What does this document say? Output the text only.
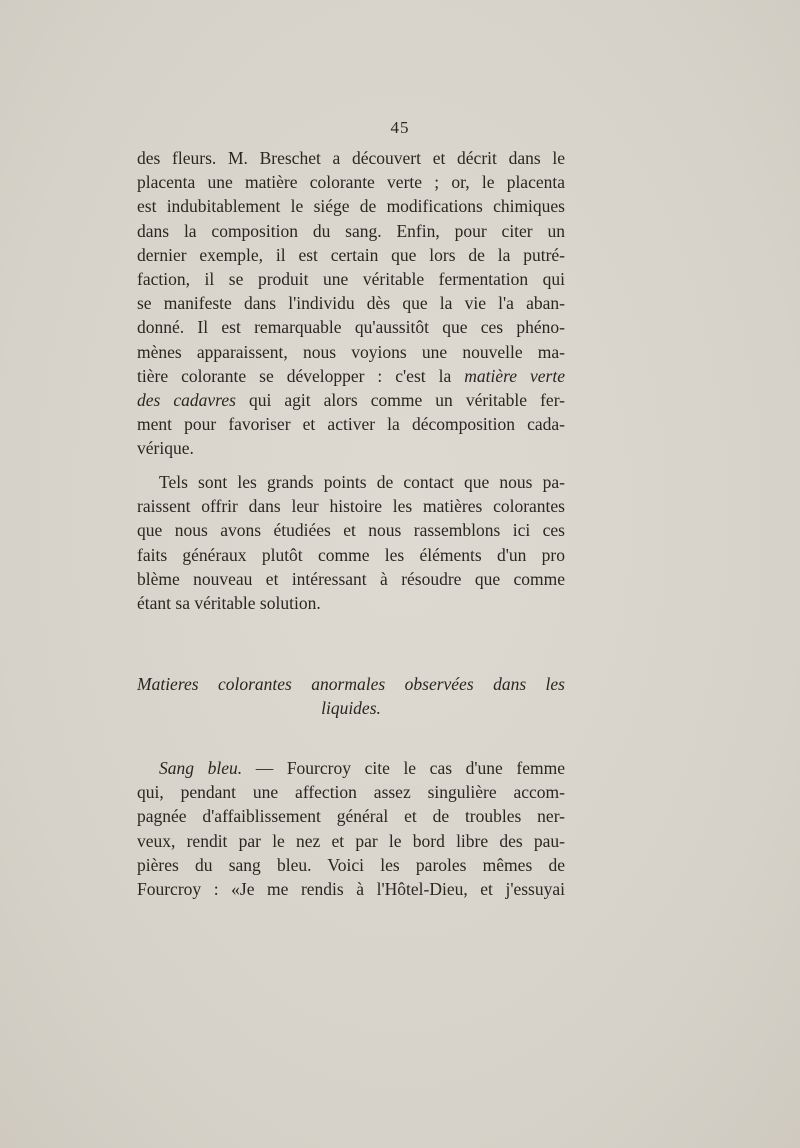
45
des fleurs. M. Breschet a découvert et décrit dans le
placenta une matière colorante verte ; or, le placenta
est indubitablement le siége de modifications chimiques
dans la composition du sang. Enfin, pour citer un
dernier exemple, il est certain que lors de la putré-
faction, il se produit une véritable fermentation qui
se manifeste dans l'individu dès que la vie l'a aban-
donné. Il est remarquable qu'aussitôt que ces phéno-
mènes apparaissent, nous voyions une nouvelle ma-
tière colorante se développer : c'est la matière verte
des cadavres qui agit alors comme un véritable fer-
ment pour favoriser et activer la décomposition cada-
vérique.
Tels sont les grands points de contact que nous pa-
raissent offrir dans leur histoire les matières colorantes
que nous avons étudiées et nous rassemblons ici ces
faits généraux plutôt comme les éléments d'un pro
blème nouveau et intéressant à résoudre que comme
étant sa véritable solution.
Matieres colorantes anormales observées dans les
liquides.
Sang bleu. — Fourcroy cite le cas d'une femme
qui, pendant une affection assez singulière accom-
pagnée d'affaiblissement général et de troubles ner-
veux, rendit par le nez et par le bord libre des pau-
pières du sang bleu. Voici les paroles mêmes de
Fourcroy : «Je me rendis à l'Hôtel-Dieu, et j'essuyai
